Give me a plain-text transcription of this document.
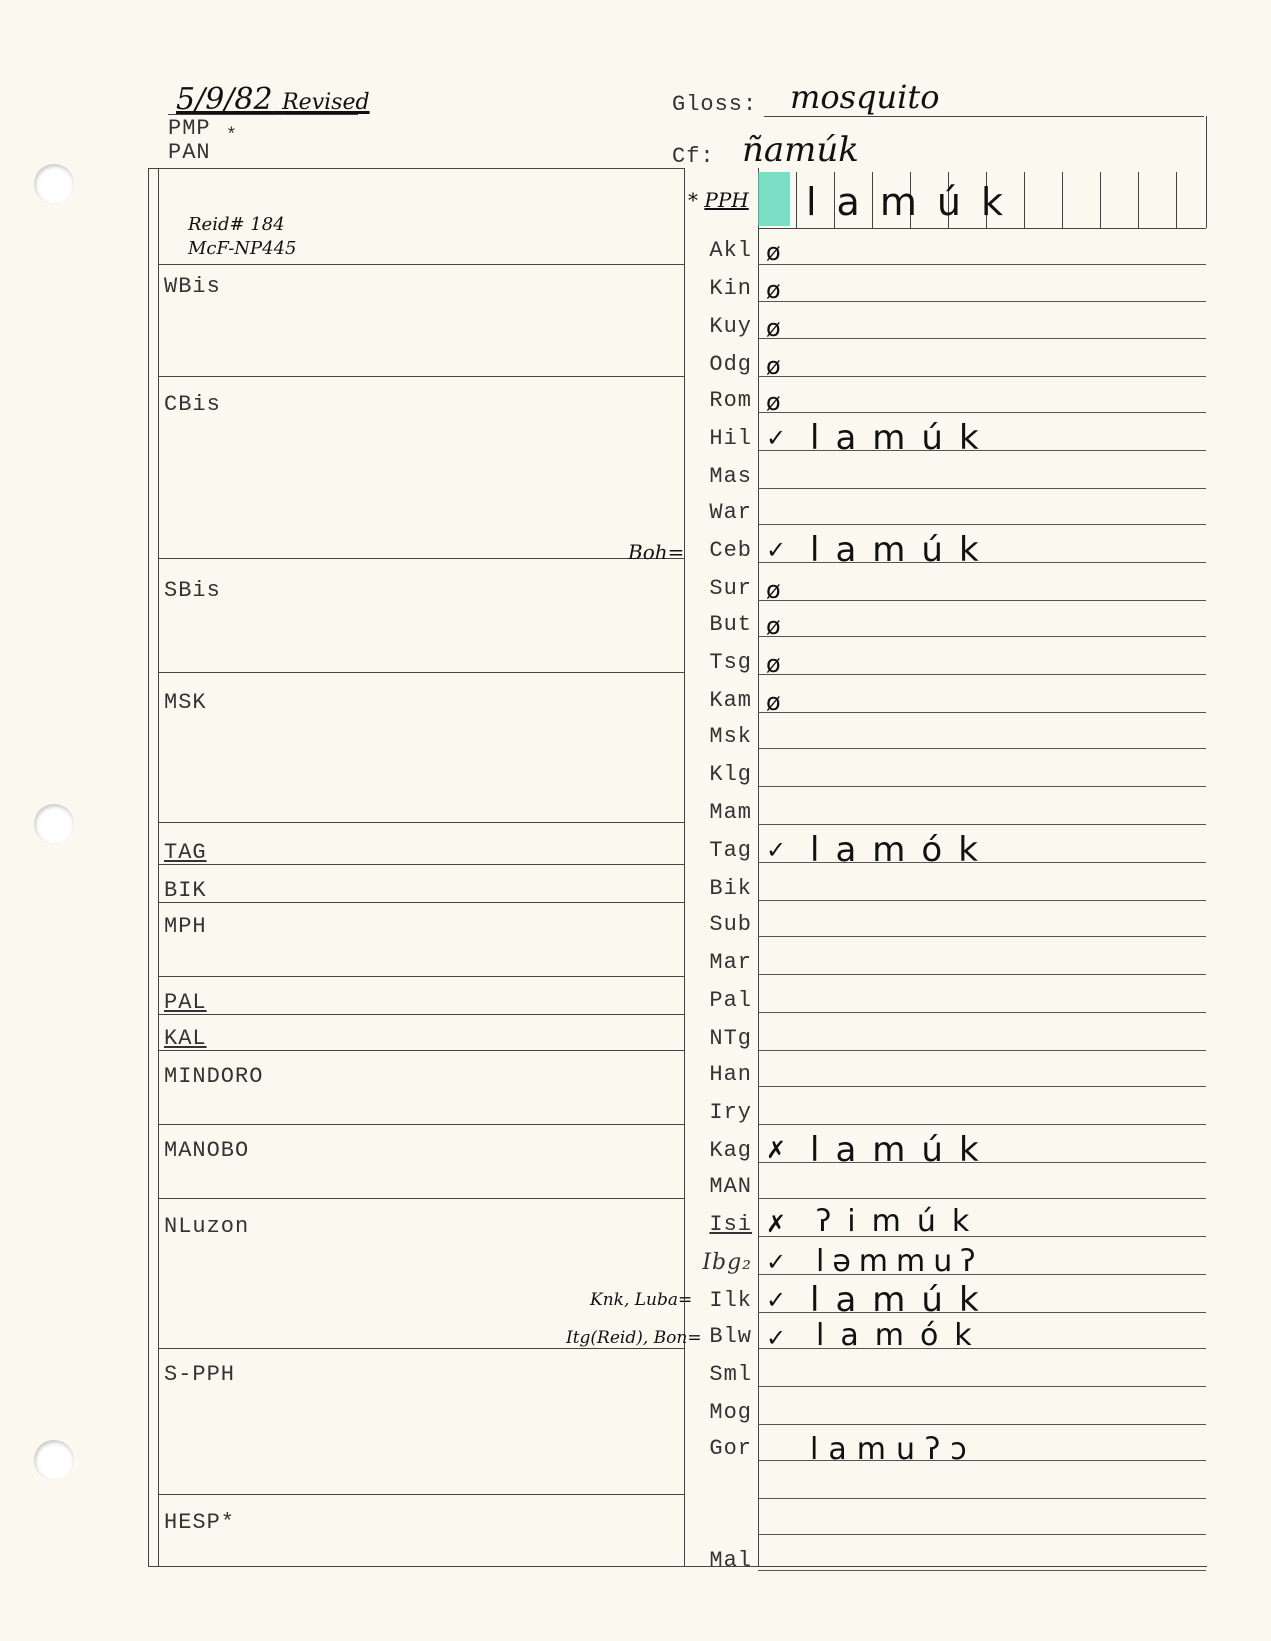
5/9/82 Revised
PMP *
PAN
Gloss: mosquito
Cf: ñamúk
Reid# 184
McF-NP445
* PPH lamúk
WBis
CBis
SBis
MSK
TAG
BIK
MPH
PAL
KAL
MINDORO
MANOBO
NLuzon
S-PPH
HESP*
Akl
Kin
Kuy
Odg
Rom
Hil
Mas
War
Ceb
Sur
But
Tsg
Kam
Msk
Klg
Mam
Tag
Bik
Sub
Mar
Pal
NTg
Han
Iry
Kag
MAN
Isi
Ibg₂
Ilk
Blw
Sml
Mog
Gor
Mal
ø
ø
ø
ø
ø
✓
✓
ø
ø
ø
ø
✓
✗
✗
✓
✓
✓
lamúk
lamúk
lamók
lamúk
ʔimúk
ləmmuʔ
lamúk
lamók
lamuʔɔ
Boh=
Knk, Luba=
Itg(Reid), Bon=
